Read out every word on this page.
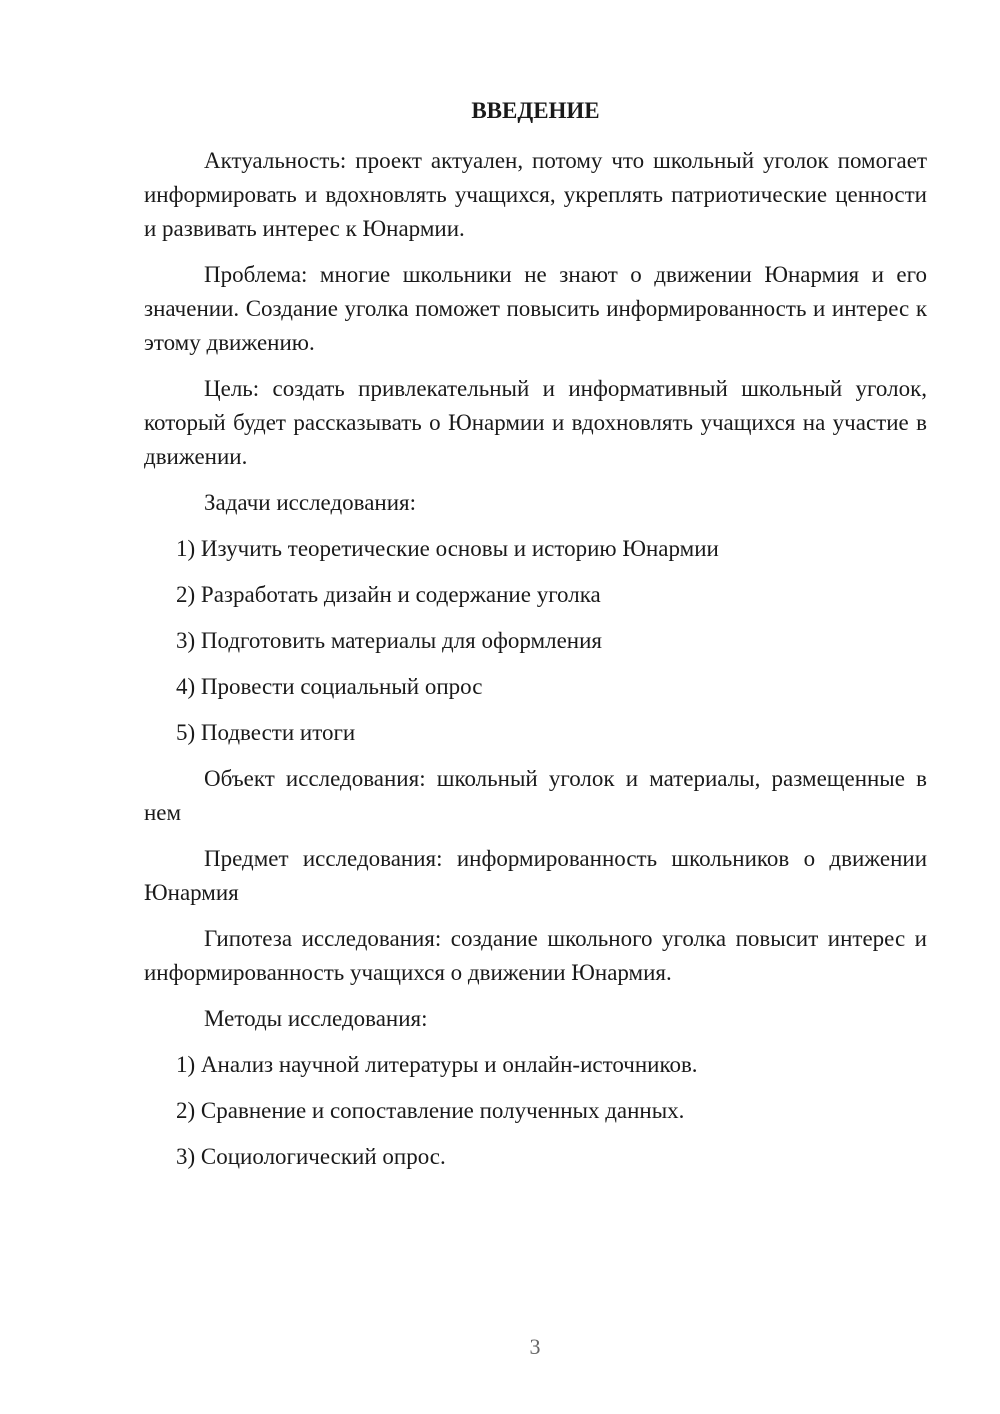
ВВЕДЕНИЕ

Актуальность: проект актуален, потому что школьный уголок помогает информировать и вдохновлять учащихся, укреплять патриотические ценности и развивать интерес к Юнармии.

Проблема: многие школьники не знают о движении Юнармия и его значении. Создание уголка поможет повысить информированность и интерес к этому движению.

Цель: создать привлекательный и информативный школьный уголок, который будет рассказывать о Юнармии и вдохновлять учащихся на участие в движении.

Задачи исследования:

1) Изучить теоретические основы и историю Юнармии

2) Разработать дизайн и содержание уголка

3) Подготовить материалы для оформления

4) Провести социальный опрос

5) Подвести итоги

Объект исследования: школьный уголок и материалы, размещенные в нем

Предмет исследования: информированность школьников о движении Юнармия

Гипотеза исследования: создание школьного уголка повысит интерес и информированность учащихся о движении Юнармия.

Методы исследования:

1) Анализ научной литературы и онлайн-источников.

2) Сравнение и сопоставление полученных данных.

3) Социологический опрос.

3
